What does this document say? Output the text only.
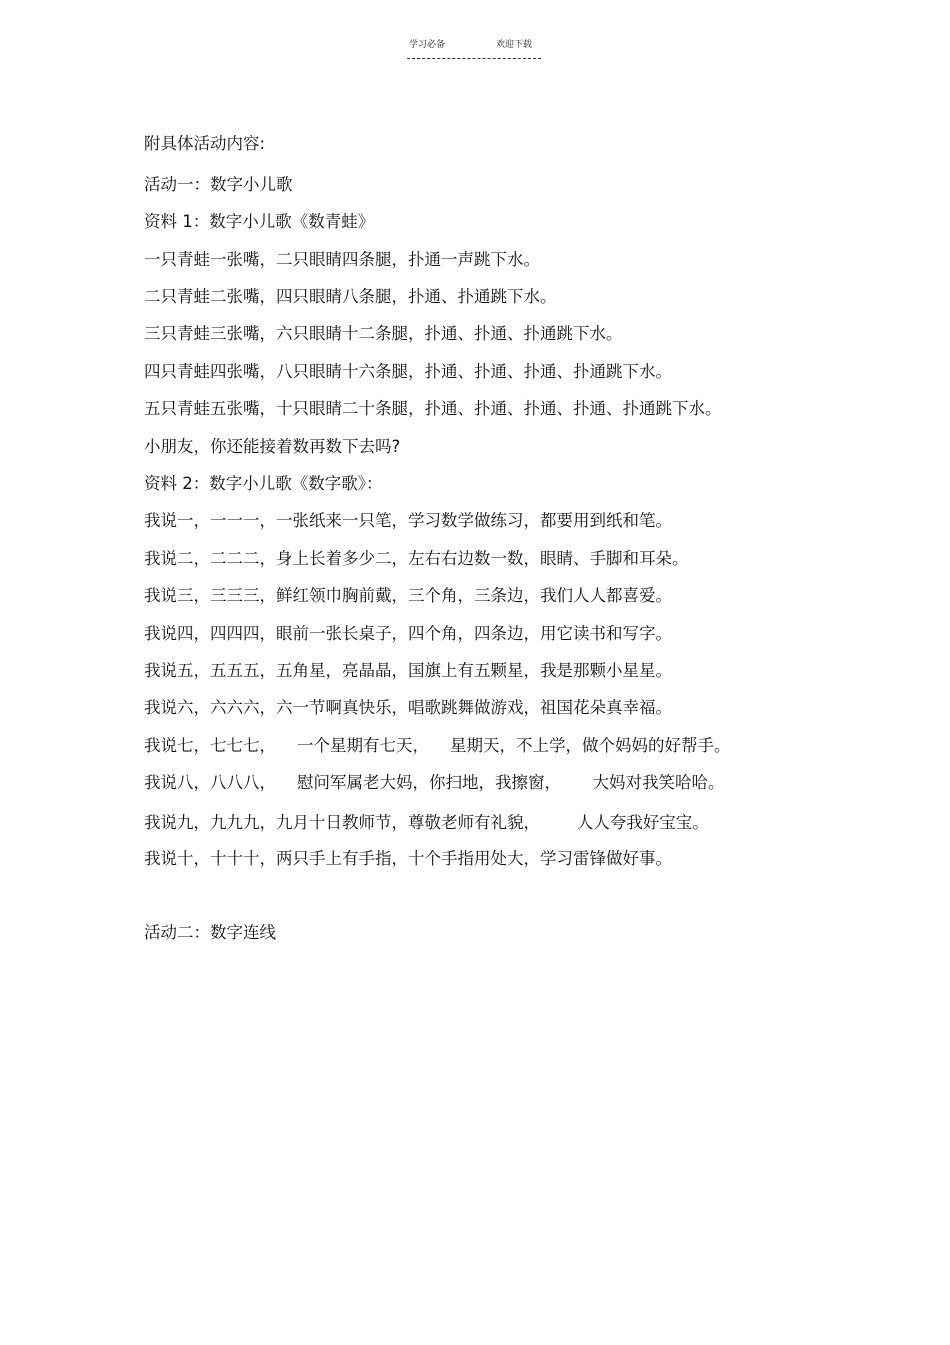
学习必备	欢迎下载
附具体活动内容:
活动一：数字小儿歌
资料 1：数字小儿歌《数青蛙》
一只青蛙一张嘴，二只眼睛四条腿，扑通一声跳下水。
二只青蛙二张嘴，四只眼睛八条腿，扑通、扑通跳下水。
三只青蛙三张嘴，六只眼睛十二条腿，扑通、扑通、扑通跳下水。
四只青蛙四张嘴，八只眼睛十六条腿，扑通、扑通、扑通、扑通跳下水。
五只青蛙五张嘴，十只眼睛二十条腿，扑通、扑通、扑通、扑通、扑通跳下水。
小朋友，你还能接着数再数下去吗?
资料 2：数字小儿歌《数字歌》：
我说一，一一一，一张纸来一只笔，学习数学做练习，都要用到纸和笔。
我说二，二二二，身上长着多少二，左右右边数一数，眼睛、手脚和耳朵。
我说三，三三三，鲜红领巾胸前戴，三个角，三条边，我们人人都喜爱。
我说四，四四四，眼前一张长桌子，四个角，四条边，用它读书和写字。
我说五，五五五，五角星，亮晶晶，国旗上有五颗星，我是那颗小星星。
我说六，六六六，六一节啊真快乐，唱歌跳舞做游戏，祖国花朵真幸福。
我说七，七七七，    一个星期有七天，    星期天，不上学，做个妈妈的好帮手。
我说八，八八八，    慰问军属老大妈，你扫地，我擦窗，      大妈对我笑哈哈。
我说九，九九九，九月十日教师节，尊敬老师有礼貌，       人人夸我好宝宝。
我说十，十十十，两只手上有手指，十个手指用处大，学习雷锋做好事。
活动二：数字连线
